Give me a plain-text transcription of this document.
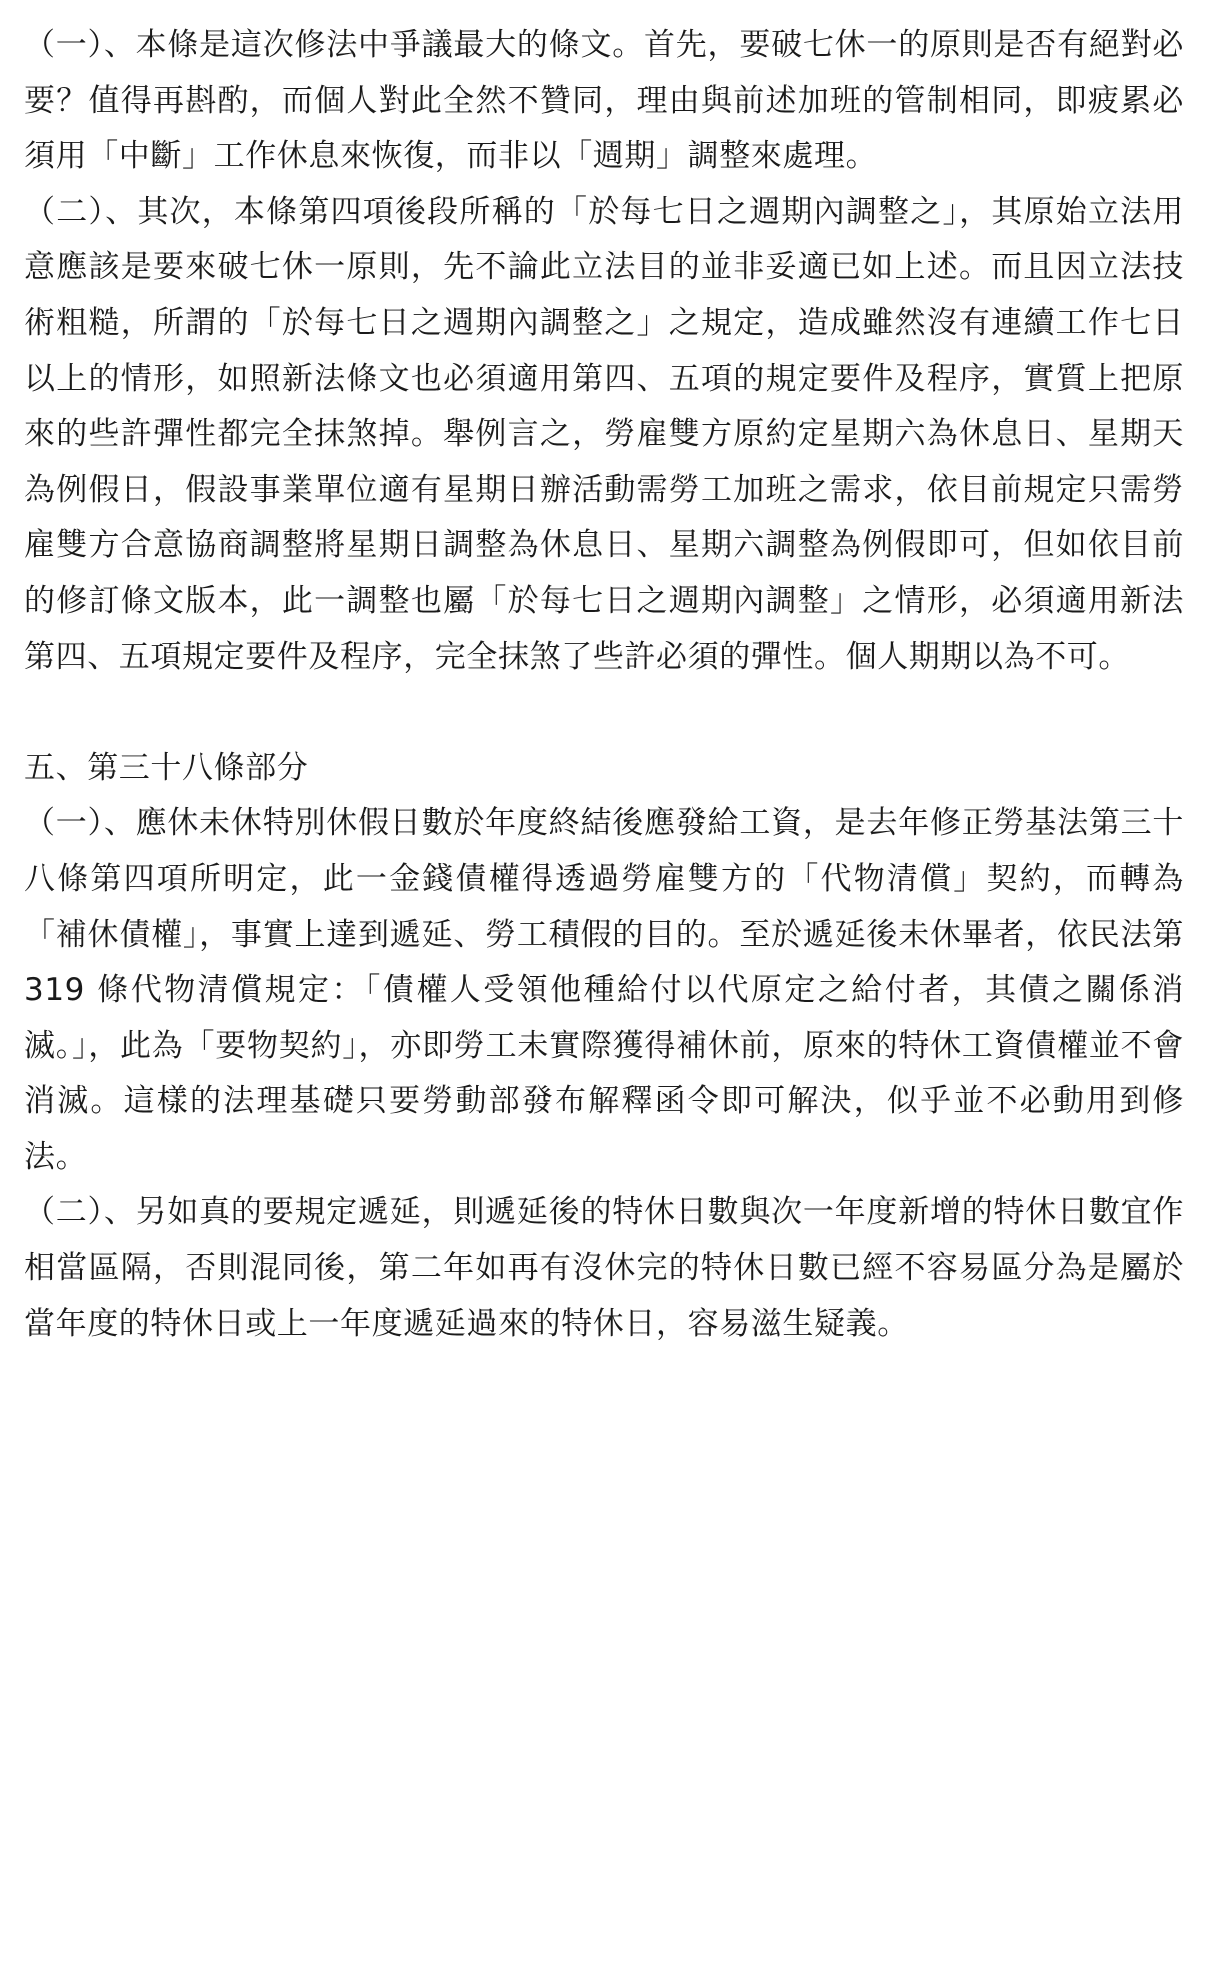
（一）、本條是這次修法中爭議最大的條文。首先，要破七休一的原則是否有絕對必要？值得再斟酌，而個人對此全然不贊同，理由與前述加班的管制相同，即疲累必須用「中斷」工作休息來恢復，而非以「週期」調整來處理。

（二）、其次，本條第四項後段所稱的「於每七日之週期內調整之」，其原始立法用意應該是要來破七休一原則，先不論此立法目的並非妥適已如上述。而且因立法技術粗糙，所謂的「於每七日之週期內調整之」之規定，造成雖然沒有連續工作七日以上的情形，如照新法條文也必須適用第四、五項的規定要件及程序，實質上把原來的些許彈性都完全抹煞掉。舉例言之，勞雇雙方原約定星期六為休息日、星期天為例假日，假設事業單位適有星期日辦活動需勞工加班之需求，依目前規定只需勞雇雙方合意協商調整將星期日調整為休息日、星期六調整為例假即可，但如依目前的修訂條文版本，此一調整也屬「於每七日之週期內調整」之情形，必須適用新法第四、五項規定要件及程序，完全抹煞了些許必須的彈性。個人期期以為不可。

五、第三十八條部分

（一）、應休未休特別休假日數於年度終結後應發給工資，是去年修正勞基法第三十八條第四項所明定，此一金錢債權得透過勞雇雙方的「代物清償」契約，而轉為「補休債權」，事實上達到遞延、勞工積假的目的。至於遞延後未休畢者，依民法第 319 條代物清償規定：「債權人受領他種給付以代原定之給付者，其債之關係消滅。」，此為「要物契約」，亦即勞工未實際獲得補休前，原來的特休工資債權並不會消滅。這樣的法理基礎只要勞動部發布解釋函令即可解決，似乎並不必動用到修法。

（二）、另如真的要規定遞延，則遞延後的特休日數與次一年度新增的特休日數宜作相當區隔，否則混同後，第二年如再有沒休完的特休日數已經不容易區分為是屬於當年度的特休日或上一年度遞延過來的特休日，容易滋生疑義。
